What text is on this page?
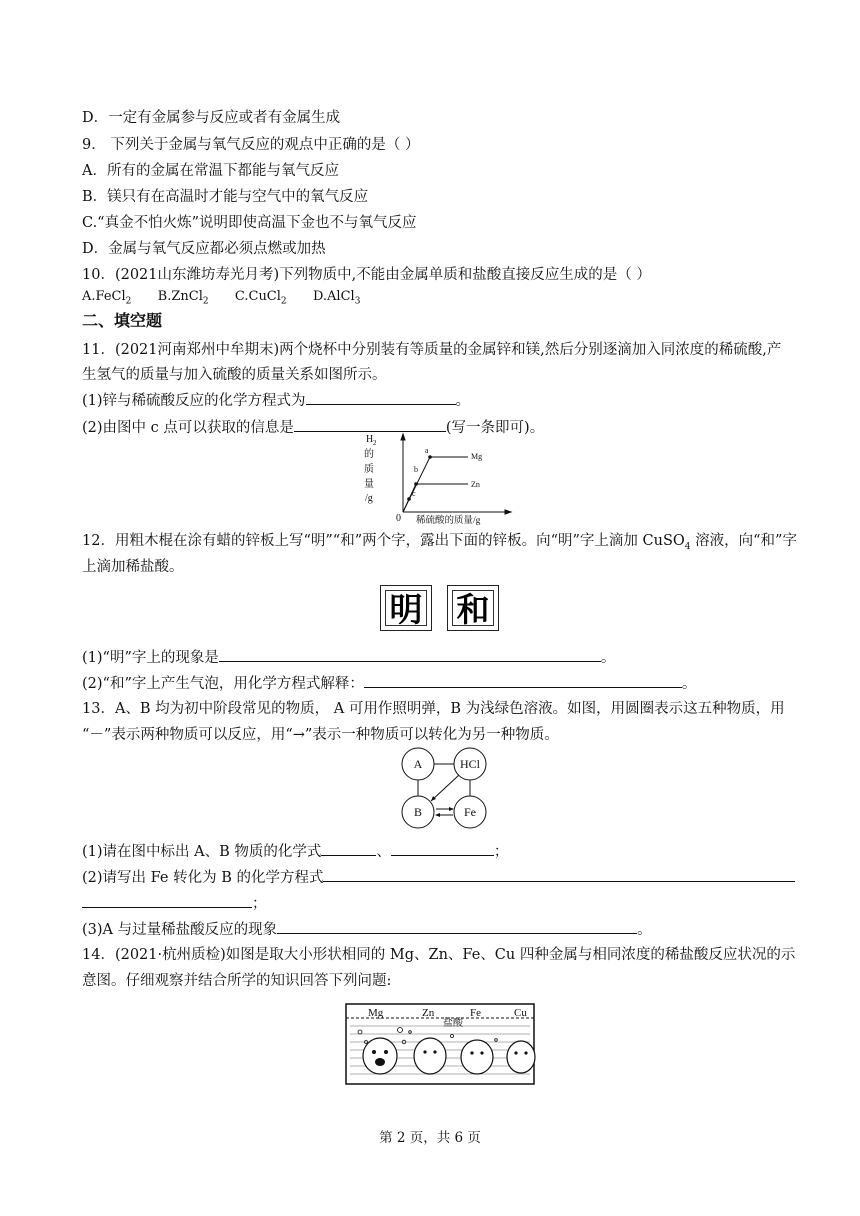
D．一定有金属参与反应或者有金属生成
9． 下列关于金属与氧气反应的观点中正确的是（ ）
A．所有的金属在常温下都能与氧气反应
B．镁只有在高温时才能与空气中的氧气反应
C.“真金不怕火炼”说明即使高温下金也不与氧气反应
D．金属与氧气反应都必须点燃或加热
10．(2021山东潍坊寿光月考)下列物质中,不能由金属单质和盐酸直接反应生成的是（ ）
A.FeCl$_2$ B.ZnCl$_2$ C.CuCl$_2$ D.AlCl$_3$
二、填空题
11．(2021河南郑州中牟期末)两个烧杯中分别装有等质量的金属锌和镁,然后分别逐滴加入同浓度的稀硫酸,产
生氢气的质量与加入硫酸的质量关系如图所示。
(1)锌与稀硫酸反应的化学方程式为	。
(2)由图中 c 点可以获取的信息是	(写一条即可)。
H 2
的
质
量
/g
0 稀硫酸的质量/g
a
b
c
Mg
Zn
12．用粗木棍在涂有蜡的锌板上写“明”“和”两个字，露出下面的锌板。向“明”字上滴加 CuSO$_4$ 溶液，向“和”字
上滴加稀盐酸。
明 和
(1)“明”字上的现象是	。
(2)“和”字上产生气泡，用化学方程式解释：	。
13．A、B 均为初中阶段常见的物质， A 可用作照明弹，B 为浅绿色溶液。如图，用圆圈表示这五种物质，用
“－”表示两种物质可以反应，用“→”表示一种物质可以转化为另一种物质。
A	HCl
B	Fe
(1)请在图中标出 A、B 物质的化学式	、	；
(2)请写出 Fe 转化为 B 的化学方程式
；
(3)A 与过量稀盐酸反应的现象	。
14．(2021·杭州质检)如图是取大小形状相同的 Mg、Zn、Fe、Cu 四种金属与相同浓度的稀盐酸反应状况的示
意图。仔细观察并结合所学的知识回答下列问题:
Mg	Zn	Fe	Cu
盐酸
第 2 页，共 6 页
